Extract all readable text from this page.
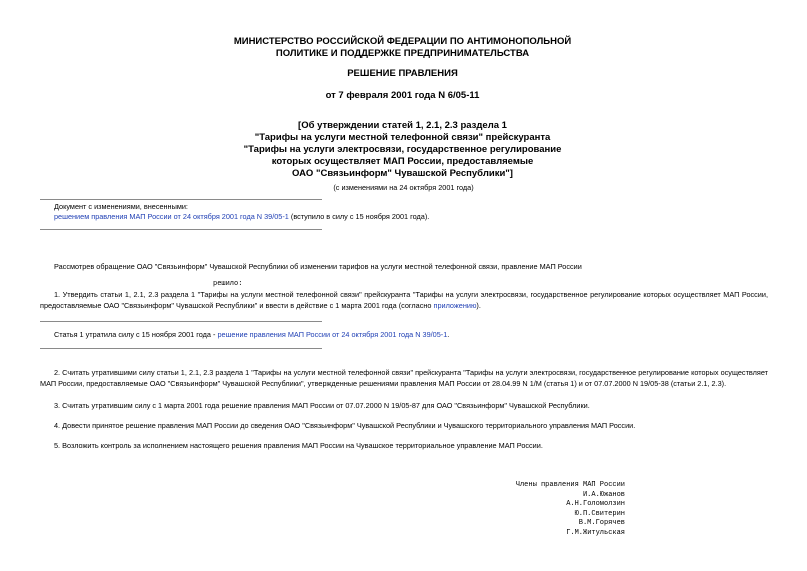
МИНИСТЕРСТВО РОССИЙСКОЙ ФЕДЕРАЦИИ ПО АНТИМОНОПОЛЬНОЙ
ПОЛИТИКЕ И ПОДДЕРЖКЕ ПРЕДПРИНИМАТЕЛЬСТВА
РЕШЕНИЕ ПРАВЛЕНИЯ
от 7 февраля 2001 года N 6/05-11
[Об утверждении статей 1, 2.1, 2.3 раздела 1
"Тарифы на услуги местной телефонной связи" прейскуранта
"Тарифы на услуги электросвязи, государственное регулирование
которых осуществляет МАП России, предоставляемые
ОАО "Связьинформ" Чувашской Республики"]
(с изменениями на 24 октября 2001 года)
Документ с изменениями, внесенными:
решением правления МАП России от 24 октября 2001 года N 39/05-1 (вступило в силу с 15 ноября 2001 года).
Рассмотрев обращение ОАО "Связьинформ" Чувашской Республики об изменении тарифов на услуги местной телефонной связи, правление МАП России
решило:
1. Утвердить статьи 1, 2.1, 2.3 раздела 1 "Тарифы на услуги местной телефонной связи" прейскуранта "Тарифы на услуги электросвязи, государственное регулирование которых осуществляет МАП России, предоставляемые ОАО "Связьинформ" Чувашской Республики" и ввести в действие с 1 марта 2001 года (согласно приложению).
Статья 1 утратила силу с 15 ноября 2001 года - решение правления МАП России от 24 октября 2001 года N 39/05-1.
2. Считать утратившими силу статьи 1, 2.1, 2.3 раздела 1 "Тарифы на услуги местной телефонной связи" прейскуранта "Тарифы на услуги электросвязи, государственное регулирование которых осуществляет МАП России, предоставляемые ОАО "Связьинформ" Чувашской Республики", утвержденные решениями правления МАП России от 28.04.99 N 1/М (статья 1) и от 07.07.2000 N 19/05-38 (статьи 2.1, 2.3).
3. Считать утратившим силу с 1 марта 2001 года решение правления МАП России от 07.07.2000 N 19/05-87 для ОАО "Связьинформ" Чувашской Республики.
4. Довести принятое решение правления МАП России до сведения ОАО "Связьинформ" Чувашской Республики и Чувашского территориального управления МАП России.
5. Возложить контроль за исполнением настоящего решения правления МАП России на Чувашское территориальное управление МАП России.
Члены правления МАП России
И.А.Южанов
А.Н.Голомолзин
Ю.П.Свитерин
В.М.Горячев
Г.М.Житульская
